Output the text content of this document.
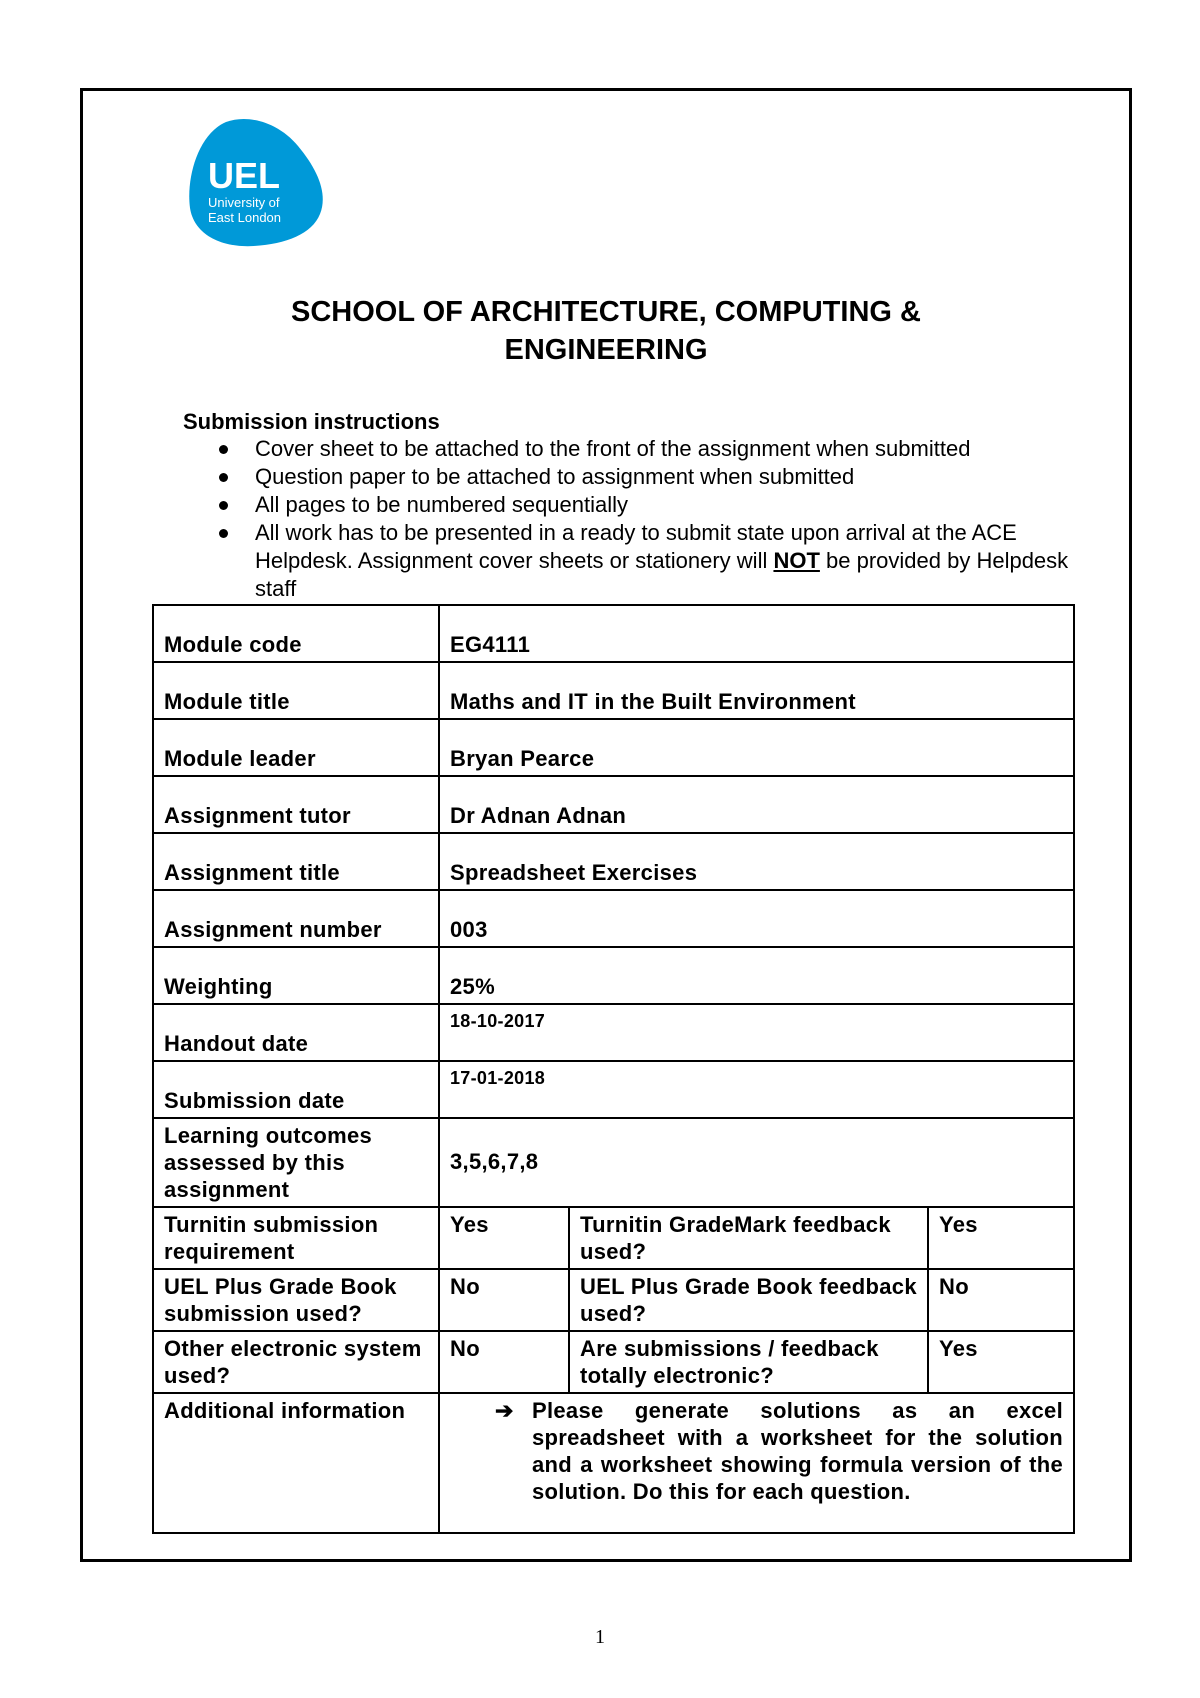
UEL
University of
East London
SCHOOL OF ARCHITECTURE, COMPUTING &
ENGINEERING

Submission instructions

Cover sheet to be attached to the front of the assignment when submitted
Question paper to be attached to assignment when submitted
All pages to be numbered sequentially
All work has to be presented in a ready to submit state upon arrival at the ACE Helpdesk. Assignment cover sheets or stationery will NOT be provided by Helpdesk staff
Module code	EG4111		
Module title	Maths and IT in the Built Environment		
Module leader	Bryan Pearce		
Assignment tutor	Dr Adnan Adnan		
Assignment title	Spreadsheet Exercises		
Assignment number	003		
Weighting	25%		
Handout date	$^{18-10-2017}$
Submission date	$^{17-01-2018}$
Learning outcomes assessed by this assignment	3,5,6,7,8		
Turnitin submission requirement	Yes	Turnitin GradeMark feedback used?	Yes
UEL Plus Grade Book submission used?	No	UEL Plus Grade Book feedback used?	No
Other electronic system used?	No	Are submissions / feedback totally electronic?	Yes
Additional information	➔ Please generate solutions as an excel spreadsheet with a worksheet for the solution and a worksheet showing formula version of the solution. Do this for each question.		
1
